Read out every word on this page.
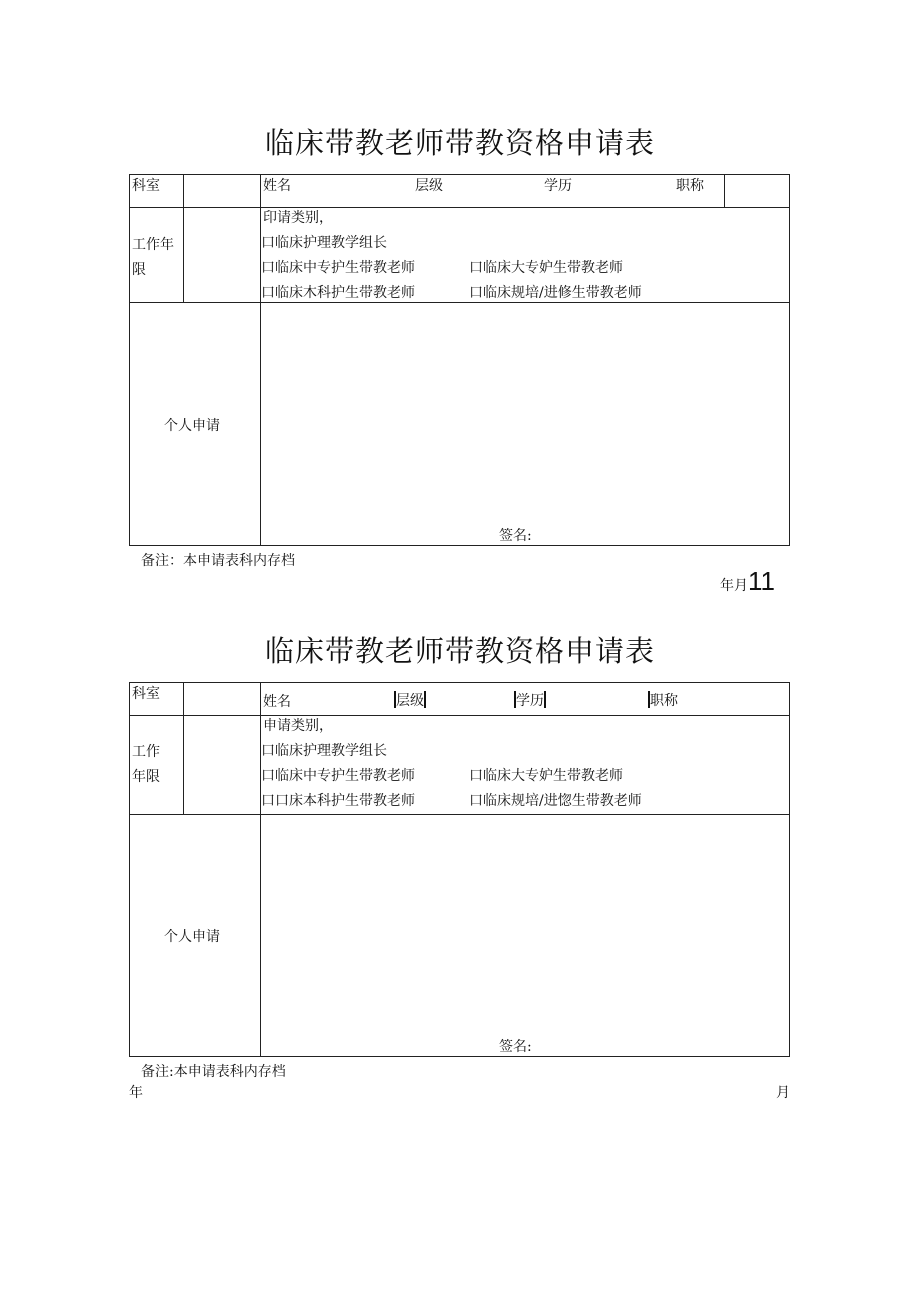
临床带教老师带教资格申请表
科室	姓名	层级	学历	职称
工作年
限
印请类别，
口临床护理教学组长
口临床中专护生带教老师	口临床大专妒生带教老师
口临床木科护生带教老师	口临床规培/进修生带教老师
个人申请
签名:
备注：本申请表科内存档
年月11
临床带教老师带教资格申请表
科室	姓名	层级	学历	职称
工作
年限
申请类别，
口临床护理教学组长
口临床中专护生带教老师	口临床大专妒生带教老师
口口床本科护生带教老师	口临床规培/进惚生带教老师
个人申请
签名:
备注:本申请表科内存档
年	月
